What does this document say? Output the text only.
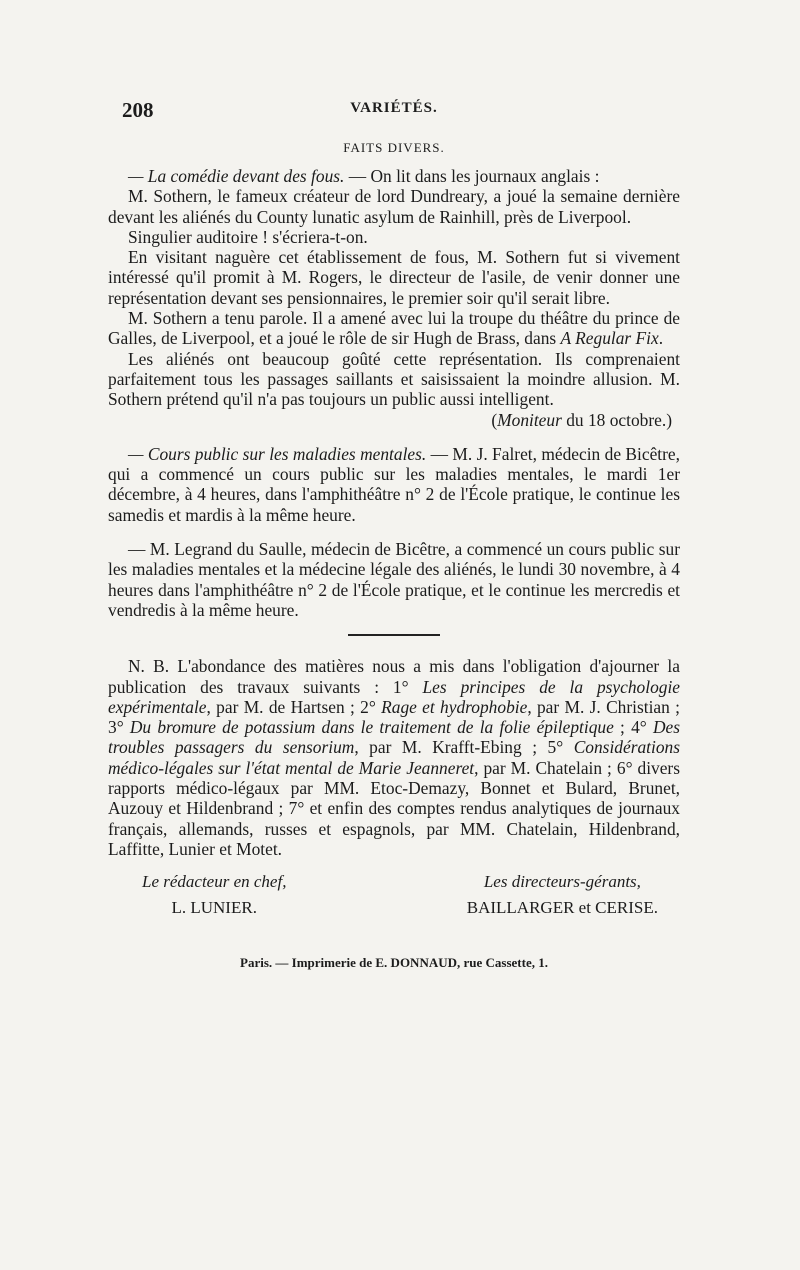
208	VARIÉTÉS.
FAITS DIVERS.

— La comédie devant des fous. — On lit dans les journaux anglais :

M. Sothern, le fameux créateur de lord Dundreary, a joué la semaine dernière devant les aliénés du County lunatic asylum de Rainhill, près de Liverpool.

Singulier auditoire ! s'écriera-t-on.

En visitant naguère cet établissement de fous, M. Sothern fut si vivement intéressé qu'il promit à M. Rogers, le directeur de l'asile, de venir donner une représentation devant ses pensionnaires, le premier soir qu'il serait libre.

M. Sothern a tenu parole. Il a amené avec lui la troupe du théâtre du prince de Galles, de Liverpool, et a joué le rôle de sir Hugh de Brass, dans A Regular Fix.

Les aliénés ont beaucoup goûté cette représentation. Ils comprenaient parfaitement tous les passages saillants et saisissaient la moindre allusion. M. Sothern prétend qu'il n'a pas toujours un public aussi intelligent.

(Moniteur du 18 octobre.)

— Cours public sur les maladies mentales. — M. J. Falret, médecin de Bicêtre, qui a commencé un cours public sur les maladies mentales, le mardi 1er décembre, à 4 heures, dans l'amphithéâtre n° 2 de l'École pratique, le continue les samedis et mardis à la même heure.

— M. Legrand du Saulle, médecin de Bicêtre, a commencé un cours public sur les maladies mentales et la médecine légale des aliénés, le lundi 30 novembre, à 4 heures dans l'amphithéâtre n° 2 de l'École pratique, et le continue les mercredis et vendredis à la même heure.

N. B. L'abondance des matières nous a mis dans l'obligation d'ajourner la publication des travaux suivants : 1° Les principes de la psychologie expérimentale, par M. de Hartsen ; 2° Rage et hydrophobie, par M. J. Christian ; 3° Du bromure de potassium dans le traitement de la folie épileptique ; 4° Des troubles passagers du sensorium, par M. Krafft-Ebing ; 5° Considérations médico-légales sur l'état mental de Marie Jeanneret, par M. Chatelain ; 6° divers rapports médico-légaux par MM. Etoc-Demazy, Bonnet et Bulard, Brunet, Auzouy et Hildenbrand ; 7° et enfin des comptes rendus analytiques de journaux français, allemands, russes et espagnols, par MM. Chatelain, Hildenbrand, Laffitte, Lunier et Motet.

Le rédacteur en chef,
L. LUNIER.
Les directeurs-gérants,
BAILLARGER et CERISE.
Paris. — Imprimerie de E. DONNAUD, rue Cassette, 1.
